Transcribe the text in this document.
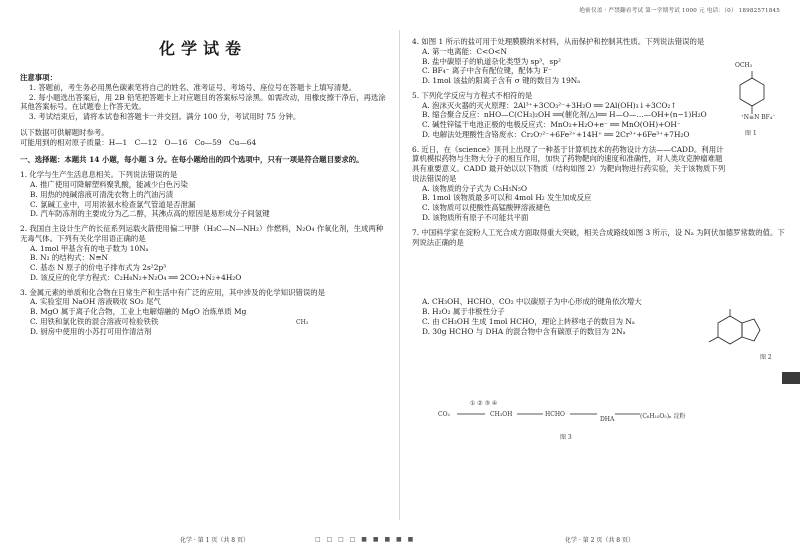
绝密仅盖 · 严禁翻看考试 第一学期考试 1000 元 电话：（0） 18982571845
化学试卷
注意事项：
1. 答题前，考生务必用黑色碳素笔将自己的姓名、准考证号、考场号、座位号在答题卡上填写清楚。
2. 每小题选出答案后，用 2B 铅笔把答题卡上对应题目的答案标号涂黑。如需改动，用橡皮擦干净后，再选涂其他答案标号。在试题卷上作答无效。
3. 考试结束后，请将本试卷和答题卡一并交回。满分 100 分，考试用时 75 分钟。
以下数据可供解题时参考。
可能用到的相对原子质量：H—1　C—12　O—16　Co—59　Cu—64
一、选择题：本题共 14 小题，每小题 3 分。在每小题给出的四个选项中，只有一项是符合题目要求的。
1. 化学与生产生活息息相关。下列说法错误的是
A. 推广使用可降解塑料聚乳酸，能减少白色污染
B. 用热的纯碱溶液可清洗衣物上的汽油污渍
C. 氯碱工业中，可用浓氨水检查氯气管道是否泄漏
D. 汽车防冻剂的主要成分为乙二醇，其沸点高的原因是易形成分子间氢键
2. 我国自主设计生产的长征系列运载火箭使用偏二甲肼（H₃C—N—NH₂）作燃料，N₂O₄ 作氧化剂，生成两种无毒气体。下列有关化学用语正确的是
A. 1mol 甲基含有的电子数为 10Nₐ
B. N₂ 的结构式：N≡N
C. 基态 N 原子的价电子排布式为 2s²2p³
D. 该反应的化学方程式：C₂H₈N₂+N₂O₄ ══ 2CO₂+N₂+4H₂O
3. 金属元素的单质和化合物在日常生产和生活中有广泛的应用，其中涉及的化学知识错误的是
A. 实验室用 NaOH 溶液吸收 SO₂ 尾气
B. MgO 属于离子化合物，工业上电解熔融的 MgO 冶炼单质 Mg
C. 用铁和氯化铁的混合溶液可检验铁铁
D. 厨房中使用的小苏打可用作清洁剂
CH₃
4. 如图 1 所示的盐可用于处理膜膜纳米材料，从而保护和控制其性质。下列说法错误的是
A. 第一电离能：C<O<N
B. 盐中碳原子的轨道杂化类型为 sp³、sp²
C. BF₄⁻ 离子中含有配位键，配体为 F⁻
D. 1mol 该盐的阳离子含有 σ 键的数目为 19Nₐ
5. 下列化学反应与方程式不相符的是
A. 泡沫灭火器的灭火原理：2Al³⁺+3CO₃²⁻+3H₂O ══ 2Al(OH)₃↓+3CO₂↑
B. 缩合聚合反应：nHO—C(CH₃)₂OH ══(催化剂/△)══ H—O—…—OH+(n−1)H₂O
C. 碱性锌锰干电池正极的电极反应式：MnO₂+H₂O+e⁻ ══ MnO(OH)+OH⁻
D. 电解法处理酸性含铬废水：Cr₂O₇²⁻+6Fe²⁺+14H⁺ ══ 2Cr³⁺+6Fe³⁺+7H₂O
6. 近日，在《science》顶刊上出现了一种基于计算机技术的药物设计方法——CADD。利用计算机模拟药物与生物大分子的相互作用，加快了药物靶向的速度和准确性，对人类攻克肿瘤难题具有重要意义。CADD 最开始以以下物质（结构如图 2）为靶向物进行药实验，关于该物质下列说法错误的是
A. 该物质的分子式为 C₅H₅N₅O
B. 1mol 该物质最多可以和 4mol H₂ 发生加成反应
C. 该物质可以使酸性高锰酸钾溶液褪色
D. 该物质所有原子不可能共平面
7. 中国科学家在淀粉人工光合成方面取得重大突破，相关合成路线如图 3 所示，设 Nₐ 为阿伏加德罗常数的值。下列说法正确的是
A. CH₃OH、HCHO、CO₂ 中以碳原子为中心形成的键角依次增大
B. H₂O₂ 属于非极性分子
C. 由 CH₃OH 生成 1mol HCHO，理论上转移电子的数目为 Nₐ
D. 30g HCHO 与 DHA 的混合物中含有碳原子的数目为 2Nₐ
OCH₃
⁺N≡N BF₄⁻
图 1
图 2
① ② ③ ④
CO₂	CH₃OH	HCHO
DHA	(C₆H₁₀O₅)ₙ 淀粉
图 3
化学 · 第 1 页（共 8 页）	□ □ □ □ ■ ■ ■ ■ ■	化学 · 第 2 页（共 8 页）
